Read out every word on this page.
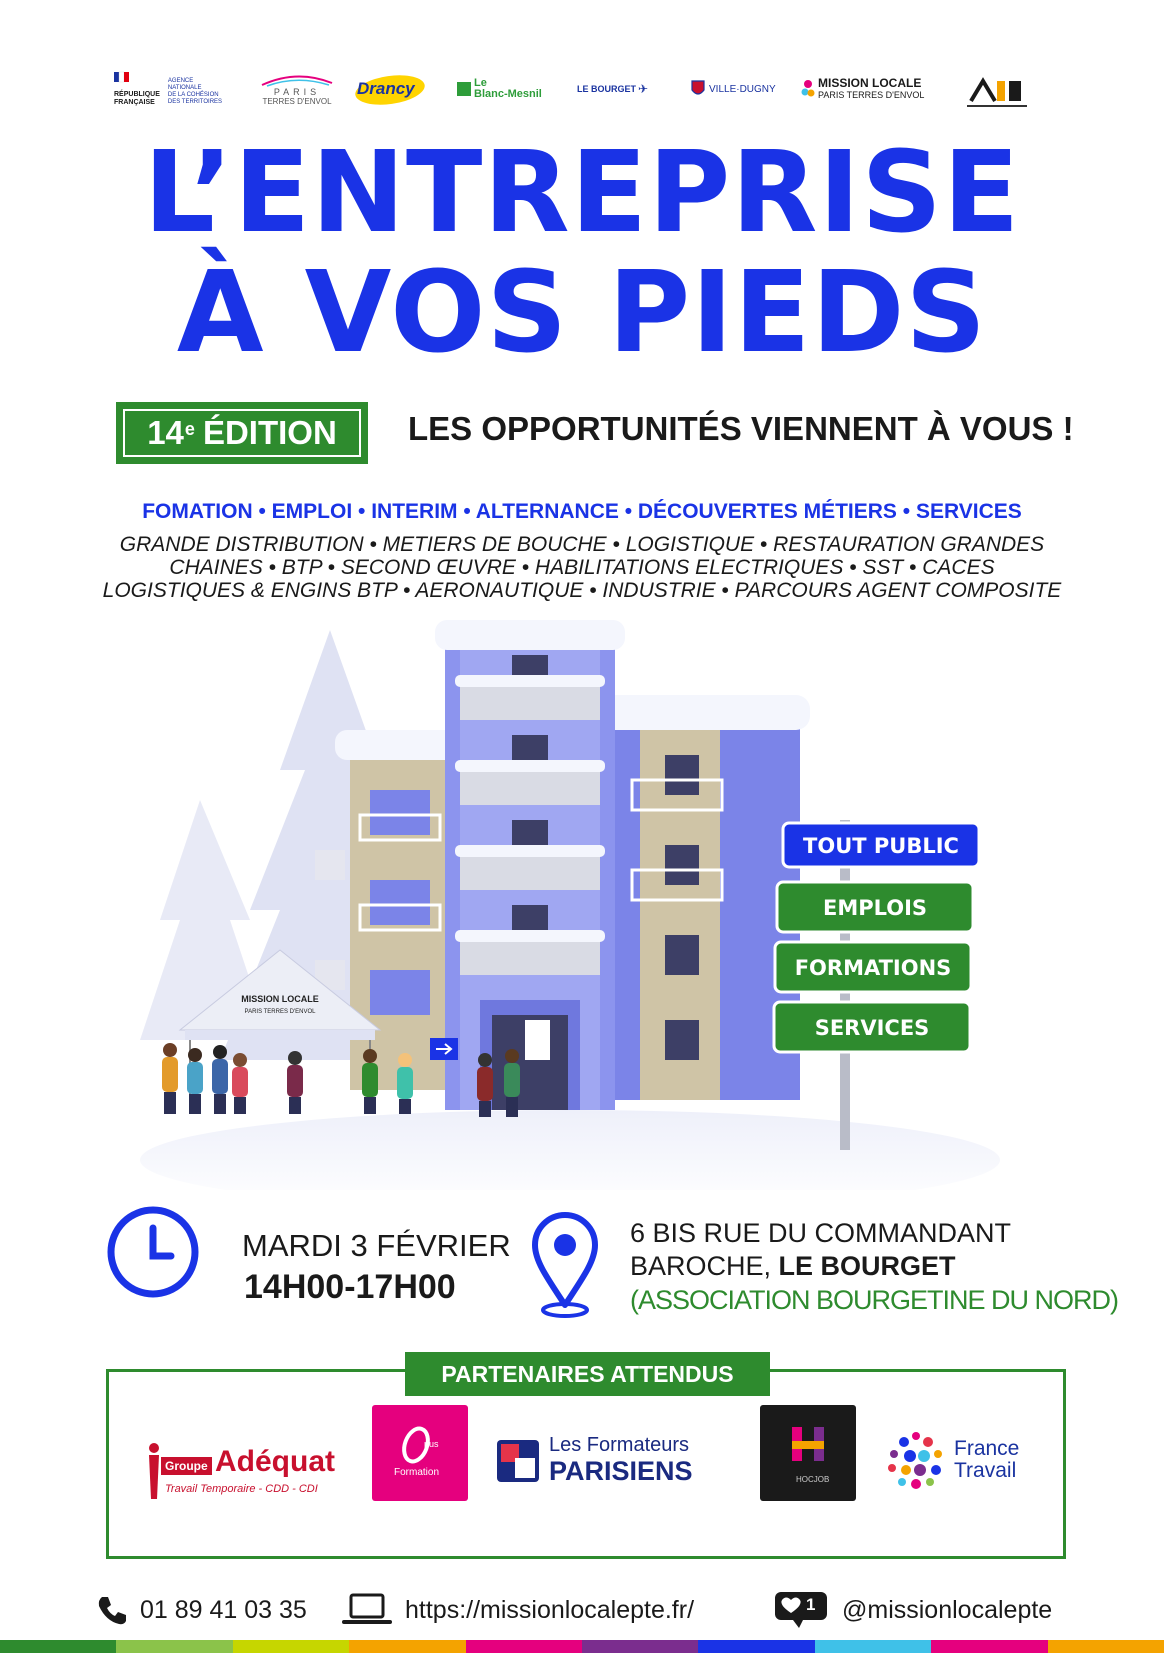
RÉPUBLIQUE
FRANÇAISE
AGENCE
NATIONALE
DE LA COHÉSION
DES TERRITOIRES
PARIS
TERRES D'ENVOL
Drancy	Le
Blanc-Mesnil	LE BOURGET ✈	VILLE·DUGNY	MISSION LOCALE
PARIS TERRES D'ENVOL
L’ENTREPRISE
À VOS PIEDS
14e ÉDITION LES OPPORTUNITÉS VIENNENT À VOUS !
FOMATION • EMPLOI • INTERIM • ALTERNANCE • DÉCOUVERTES MÉTIERS • SERVICES
GRANDE DISTRIBUTION • METIERS DE BOUCHE • LOGISTIQUE • RESTAURATION GRANDES
CHAINES • BTP • SECOND ŒUVRE • HABILITATIONS ELECTRIQUES • SST • CACES
LOGISTIQUES & ENGINS BTP • AERONAUTIQUE • INDUSTRIE • PARCOURS AGENT COMPOSITE
MISSION LOCALE
PARIS TERRES D'ENVOL
TOUT PUBLIC
EMPLOIS
FORMATIONS
SERVICES
MARDI 3 FÉVRIER
14H00-17H00
6 BIS RUE DU COMMANDANT
BAROCHE, LE BOURGET
(ASSOCIATION BOURGETINE DU NORD)
Groupe Adéquat
Travail Temporaire - CDD - CDI
pus
Formation
Les Formateurs
PARISIENS	HOCJOB
France
Travail
PARTENAIRES ATTENDUS
01 89 41 03 35	https://missionlocalepte.fr/	1 @missionlocalepte
